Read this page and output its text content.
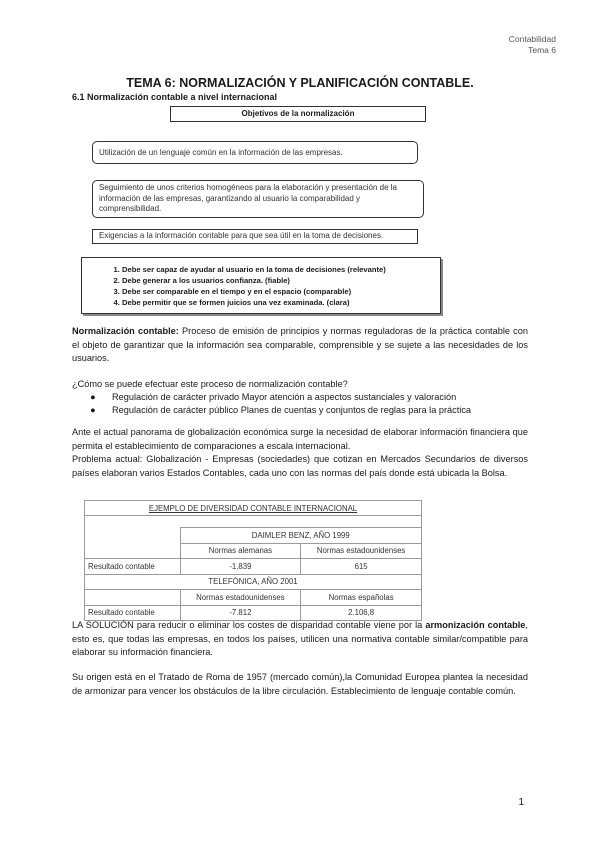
Contabilidad
Tema 6
TEMA 6: NORMALIZACIÓN Y PLANIFICACIÓN CONTABLE.
6.1 Normalización contable a nivel internacional
Objetivos de la normalización
Utilización de un lenguaje común en la información de las empresas.
Seguimiento de unos criterios homogéneos para la elaboración y presentación de la información de las empresas, garantizando al usuario la comparabilidad y comprensibilidad.
Exigencias a la información contable para que sea útil en la toma de decisiones.
1. Debe ser capaz de ayudar al usuario en la toma de decisiones (relevante)
2. Debe generar a los usuarios confianza. (fiable)
3. Debe ser comparable en el tiempo y en el espacio (comparable)
4. Debe permitir que se formen juicios una vez examinada. (clara)
Normalización contable: Proceso de emisión de principios y normas reguladoras de la práctica contable con el objeto de garantizar que la información sea comparable, comprensible y se sujete a las necesidades de los usuarios.
¿Cómo se puede efectuar este proceso de normalización contable?
● Regulación de carácter privado Mayor atención a aspectos sustanciales y valoración
● Regulación de carácter público Planes de cuentas y conjuntos de reglas para la práctica
Ante el actual panorama de globalización económica surge la necesidad de elaborar información financiera que permita el establecimiento de comparaciones a escala internacional.
Problema actual: Globalización - Empresas (sociedades) que cotizan en Mercados Secundarios de diversos países elaboran varios Estados Contables, cada uno con las normas del país donde está ubicada la Bolsa.
EJEMPLO DE DIVERSIDAD CONTABLE INTERNACIONAL		

	DAIMLER BENZ, AÑO 1999	
	Normas alemanas	Normas estadounidenses
Resultado contable	-1.839	615
TELEFÓNICA, AÑO 2001		
	Normas estadounidenses	Normas españolas
Resultado contable	-7.812	2.106,8
LA SOLUCIÓN para reducir o eliminar los costes de disparidad contable viene por la armonización contable, esto es, que todas las empresas, en todos los países, utilicen una normativa contable similar/compatible para elaborar su información financiera.
Su origen está en el Tratado de Roma de 1957 (mercado común),la Comunidad Europea plantea la necesidad de armonizar para vencer los obstáculos de la libre circulación. Establecimiento de lenguaje contable común.
1
